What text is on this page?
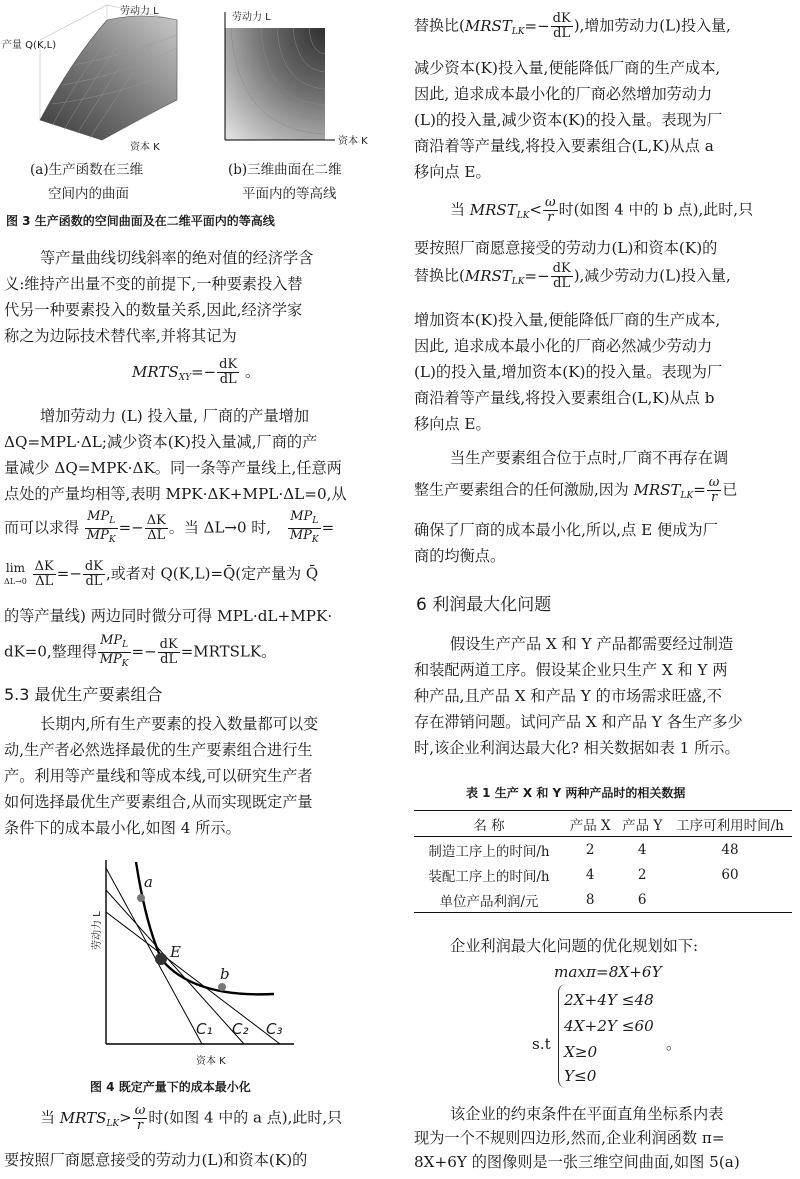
产量 Q(K,L)
劳动力 L
资本 K
劳动力 L
资本 K
(a)生产函数在三维
空间内的曲面
(b)三维曲面在二维
平面内的等高线
图 3 生产函数的空间曲面及在二维平面内的等高线
等产量曲线切线斜率的绝对值的经济学含
义:维持产出量不变的前提下,一种要素投入替
代另一种要素投入的数量关系,因此,经济学家
称之为边际技术替代率,并将其记为
$MRTS_{XY}=- \frac{dK}{dL}$ 。
增加劳动力 (L) 投入量, 厂商的产量增加
ΔQ=MPL·ΔL;减少资本(K)投入量减,厂商的产
量减少 ΔQ=MPK·ΔK。同一条等产量线上,任意两
点处的产量均相等,表明 MPK·ΔK+MPL·ΔL=0,从
而可以求得 $\frac{MP_L}{MP_K} =- \frac{\Delta K}{\Delta L}$ 。当 ΔL→0 时, $\frac{MP_L}{MP_K}$ =
lim
$\Delta L\to 0 \frac{\Delta K}{\Delta L} =- \frac{dK}{dL}$ ,或者对 Q(K,L)=Q̄(定产量为 Q̄
的等产量线) 两边同时微分可得 MPL·dL+MPK·
dK=0,整理得 $\frac{MP_L}{MP_K} =- \frac{dK}{dL}$ =MRTSLK。
5.3 最优生产要素组合
长期内,所有生产要素的投入数量都可以变
动,生产者必然选择最优的生产要素组合进行生
产。利用等产量线和等成本线,可以研究生产者
如何选择最优生产要素组合,从而实现既定产量
条件下的成本最小化,如图 4 所示。
a
E
b
C₁ C₂ C₃
劳动力 L
资本 K
图 4 既定产量下的成本最小化
当 $MRTS_{LK}> \frac{\omega}{r}$ 时(如图 4 中的 a 点),此时,只
要按照厂商愿意接受的劳动力(L)和资本(K)的
替换比($MRST_{LK}=- \frac{dK}{dL}$ ),增加劳动力(L)投入量,
减少资本(K)投入量,便能降低厂商的生产成本,
因此, 追求成本最小化的厂商必然增加劳动力
(L)的投入量,减少资本(K)的投入量。表现为厂
商沿着等产量线,将投入要素组合(L,K)从点 a
移向点 E。
当 $MRST_{LK}< \frac{\omega}{r}$ 时(如图 4 中的 b 点),此时,只
要按照厂商愿意接受的劳动力(L)和资本(K)的
替换比($MRST_{LK}=- \frac{dK}{dL}$ ),减少劳动力(L)投入量,
增加资本(K)投入量,便能降低厂商的生产成本,
因此, 追求成本最小化的厂商必然减少劳动力
(L)的投入量,增加资本(K)的投入量。表现为厂
商沿着等产量线,将投入要素组合(L,K)从点 b
移向点 E。
当生产要素组合位于点时,厂商不再存在调
整生产要素组合的任何激励,因为 $MRST_{LK}= \frac{\omega}{r}$ 已
确保了厂商的成本最小化,所以,点 E 便成为厂
商的均衡点。
6 利润最大化问题
假设生产产品 X 和 Y 产品都需要经过制造
和装配两道工序。假设某企业只生产 X 和 Y 两
种产品,且产品 X 和产品 Y 的市场需求旺盛,不
存在滞销问题。试问产品 X 和产品 Y 各生产多少
时,该企业利润达最大化? 相关数据如表 1 所示。
表 1 生产 X 和 Y 两种产品时的相关数据
名 称	产品 X	产品 Y	工序可利用时间/h
制造工序上的时间/h	2	4	48
装配工序上的时间/h	4	2	60
单位产品利润/元	8	6	
企业利润最大化问题的优化规划如下:
maxπ=8X+6Y
s.t
2X+4Y ≤48
4X+2Y ≤60
X≥0
Y≤0
。
该企业的约束条件在平面直角坐标系内表
现为一个不规则四边形,然而,企业利润函数 π=
8X+6Y 的图像则是一张三维空间曲面,如图 5(a)
